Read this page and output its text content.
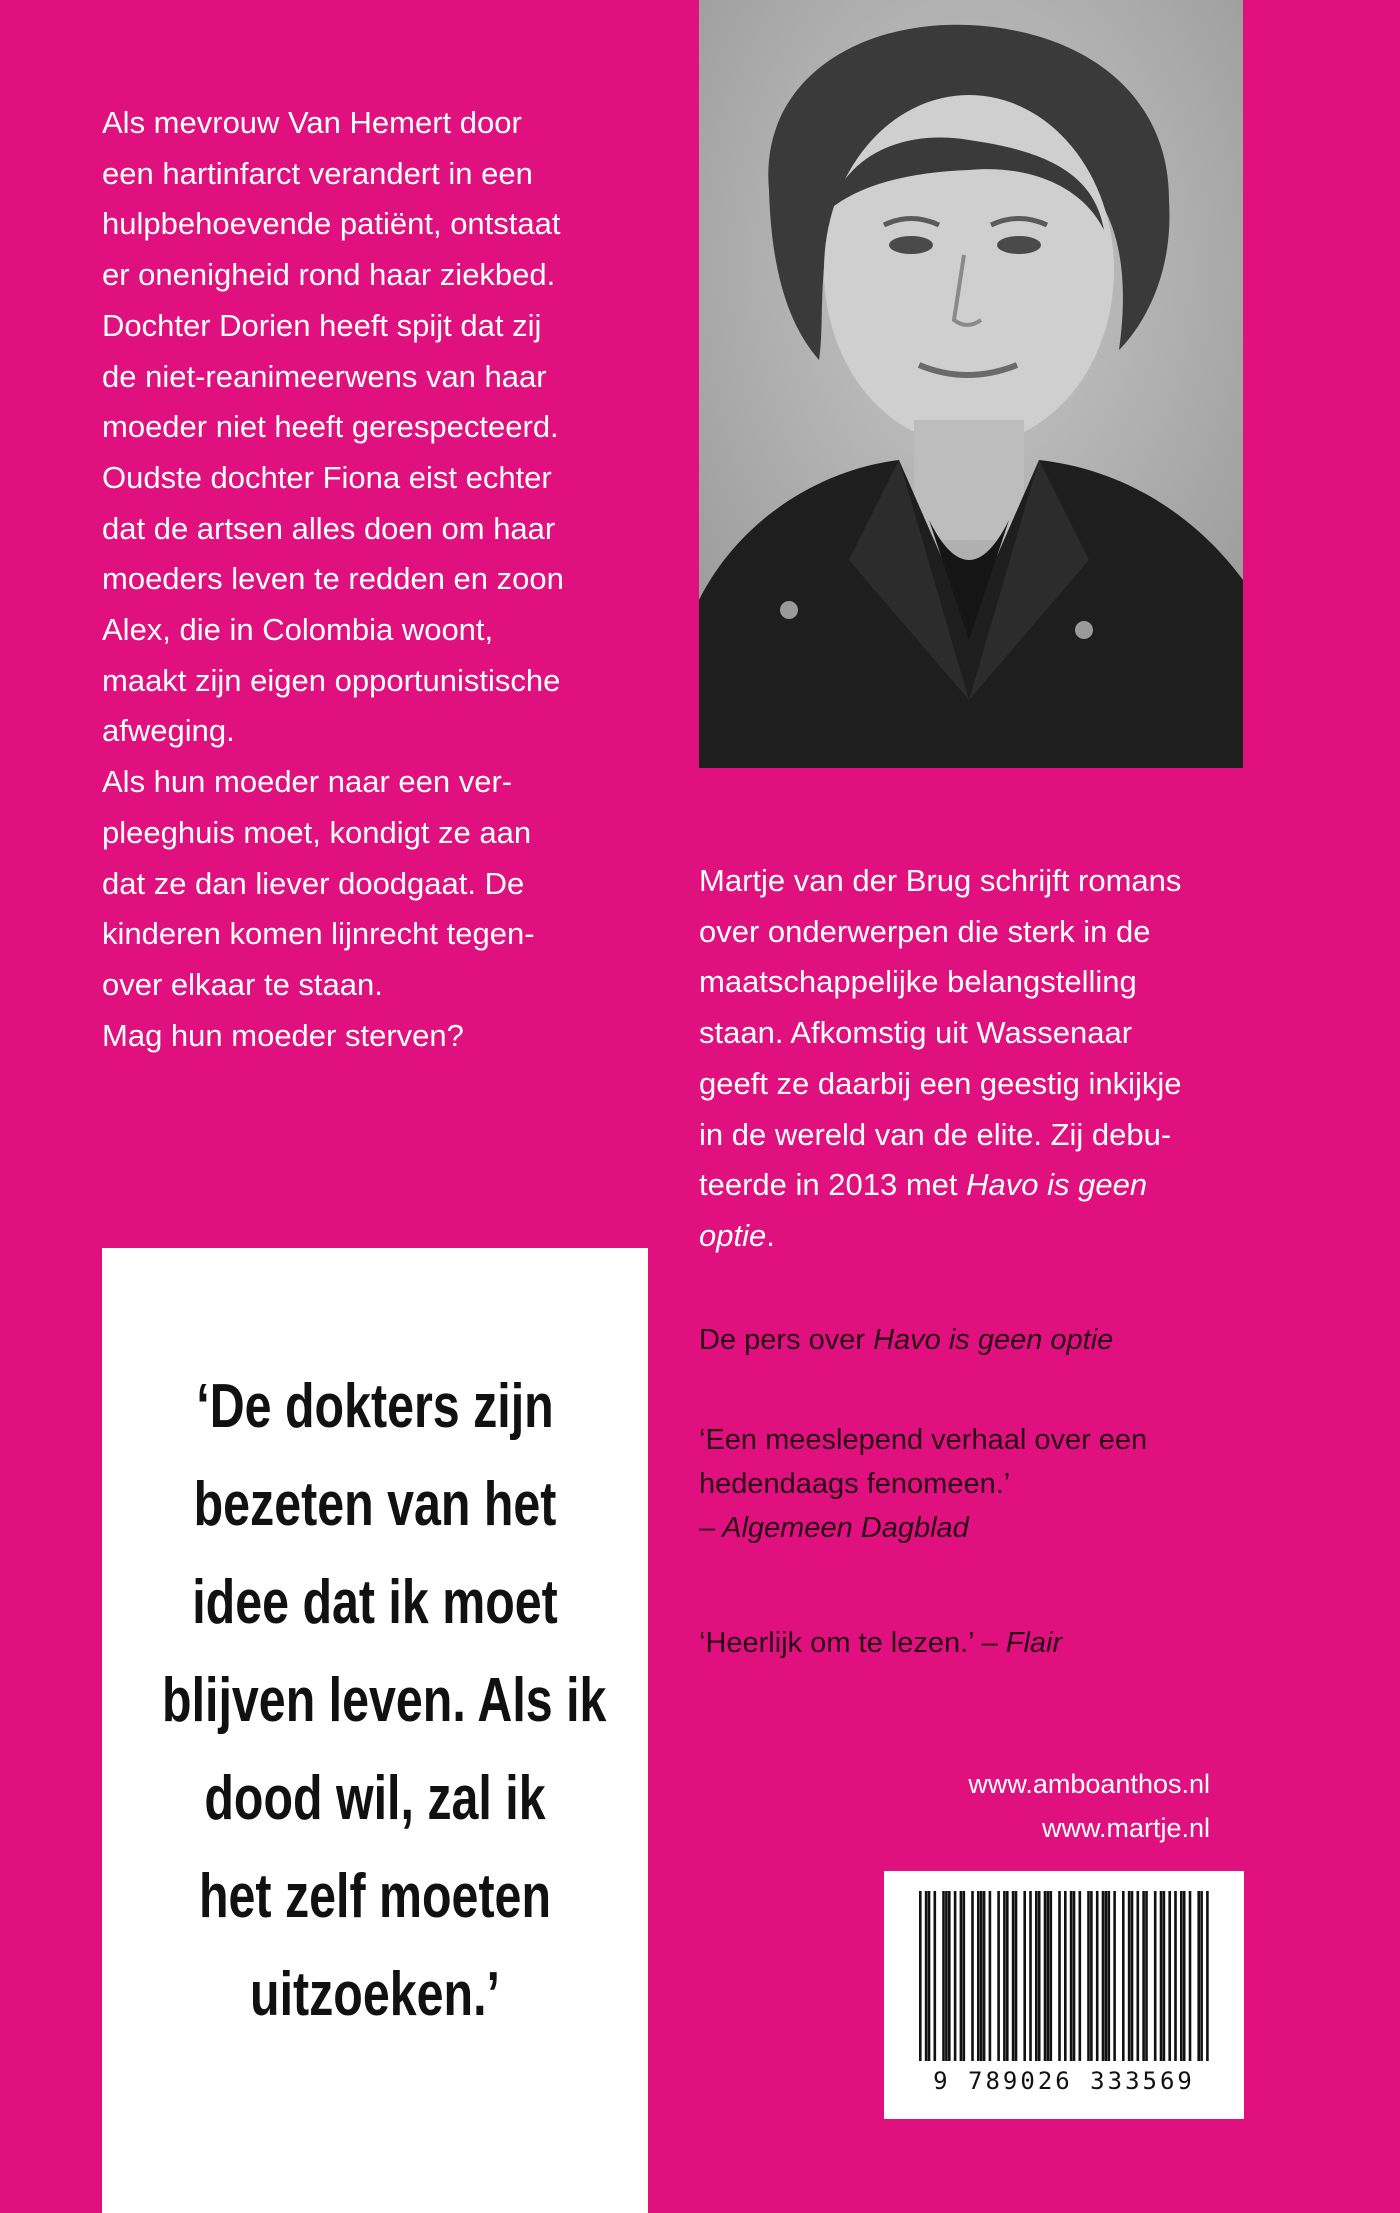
Als mevrouw Van Hemert door
een hartinfarct verandert in een
hulpbehoevende patiënt, ontstaat
er onenigheid rond haar ziekbed.
Dochter Dorien heeft spijt dat zij
de niet-reanimeerwens van haar
moeder niet heeft gerespecteerd.
Oudste dochter Fiona eist echter
dat de artsen alles doen om haar
moeders leven te redden en zoon
Alex, die in Colombia woont,
maakt zijn eigen opportunistische
afweging.
Als hun moeder naar een ver-
pleeghuis moet, kondigt ze aan
dat ze dan liever doodgaat. De
kinderen komen lijnrecht tegen-
over elkaar te staan.
Mag hun moeder sterven?
Martje van der Brug schrijft romans
over onderwerpen die sterk in de
maatschappelijke belangstelling
staan. Afkomstig uit Wassenaar
geeft ze daarbij een geestig inkijkje
in de wereld van de elite. Zij debu-
teerde in 2013 met Havo is geen
optie.
De pers over Havo is geen optie
‘Een meeslepend verhaal over een
hedendaags fenomeen.’
– Algemeen Dagblad
‘Heerlijk om te lezen.’ – Flair
‘De dokters zijn
bezeten van het
idee dat ik moet
blijven leven. Als ik
dood wil, zal ik
het zelf moeten
uitzoeken.’
www.amboanthos.nl
www.martje.nl
9 789026 333569
